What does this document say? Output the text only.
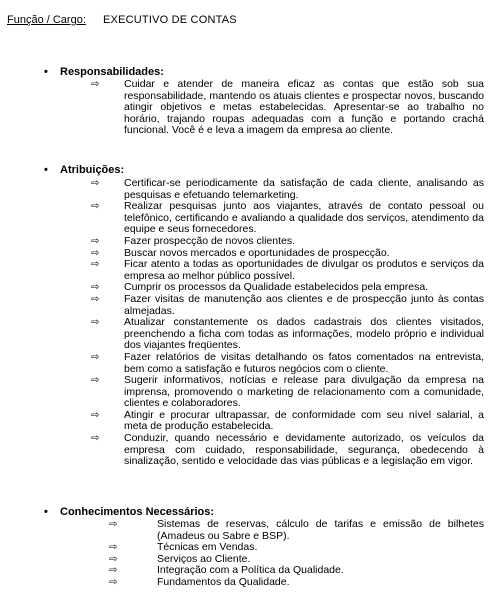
Função / Cargo: EXECUTIVO DE CONTAS
•	Responsabilidades:
⇨	Cuidar e atender de maneira eficaz as contas que estão sob sua responsabilidade, mantendo os atuais clientes e prospectar novos, buscando atingir objetivos e metas estabelecidas. Apresentar-se ao trabalho no horário, trajando roupas adequadas com a função e portando crachá funcional. Você é e leva a imagem da empresa ao cliente.
•	Atribuições:
⇨	Certificar-se periodicamente da satisfação de cada cliente, analisando as pesquisas e efetuando telemarketing.
⇨	Realizar pesquisas junto aos viajantes, através de contato pessoal ou telefônico, certificando e avaliando a qualidade dos serviços, atendimento da equipe e seus fornecedores.
⇨	Fazer prospecção de novos clientes.
⇨	Buscar novos mercados e oportunidades de prospecção.
⇨	Ficar atento a todas as oportunidades de divulgar os produtos e serviços da empresa ao melhor público possível.
⇨	Cumprir os processos da Qualidade estabelecidos pela empresa.
⇨	Fazer visitas de manutenção aos clientes e de prospecção junto às contas almejadas.
⇨	Atualizar constantemente os dados cadastrais dos clientes visitados, preenchendo a ficha com todas as informações, modelo próprio e individual dos viajantes freqüentes.
⇨	Fazer relatórios de visitas detalhando os fatos comentados na entrevista, bem como a satisfação e futuros negócios com o cliente.
⇨	Sugerir informativos, notícias e release para divulgação da empresa na imprensa, promovendo o marketing de relacionamento com a comunidade, clientes e colaboradores.
⇨	Atingir e procurar ultrapassar, de conformidade com seu nível salarial, a meta de produção estabelecida.
⇨	Conduzir, quando necessário e devidamente autorizado, os veículos da empresa com cuidado, responsabilidade, segurança, obedecendo à sinalização, sentido e velocidade das vias públicas e a legislação em vigor.
•	Conhecimentos Necessários:
⇨	Sistemas de reservas, cálculo de tarifas e emissão de bilhetes (Amadeus ou Sabre e BSP).
⇨	Técnicas em Vendas.
⇨	Serviços ao Cliente.
⇨	Integração com a Política da Qualidade.
⇨	Fundamentos da Qualidade.
